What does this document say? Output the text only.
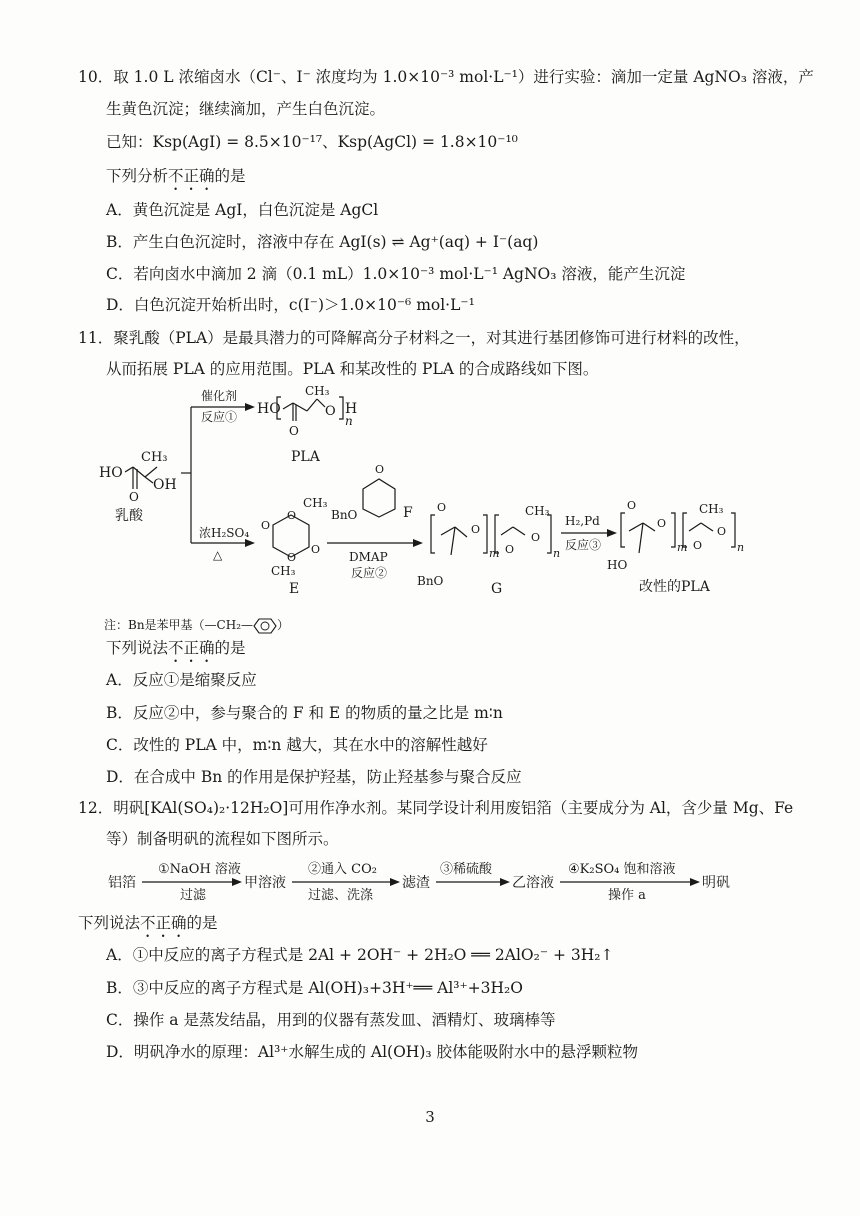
10．取 1.0 L 浓缩卤水（Cl⁻、I⁻ 浓度均为 1.0×10⁻³ mol·L⁻¹）进行实验：滴加一定量 AgNO₃ 溶液，产
生黄色沉淀；继续滴加，产生白色沉淀。
已知：Ksp(AgI) = 8.5×10⁻¹⁷、Ksp(AgCl) = 1.8×10⁻¹⁰
下列分析不正确的是
A．黄色沉淀是 AgI，白色沉淀是 AgCl
B．产生白色沉淀时，溶液中存在 AgI(s) ⇌ Ag⁺(aq) + I⁻(aq)
C．若向卤水中滴加 2 滴（0.1 mL）1.0×10⁻³ mol·L⁻¹ AgNO₃ 溶液，能产生沉淀
D．白色沉淀开始析出时，c(I⁻)＞1.0×10⁻⁶ mol·L⁻¹
11．聚乳酸（PLA）是最具潜力的可降解高分子材料之一，对其进行基团修饰可进行材料的改性，
从而拓展 PLA 的应用范围。PLA 和某改性的 PLA 的合成路线如下图。
HO
O
CH₃
OH
乳酸
催化剂
反应① HO
O
CH₃
O
n
H
PLA
浓H₂SO₄
△
O
O
O
O
CH₃
CH₃
E
DMAP
反应②
O
BnO	F O
O
m O
CH₃
O
n
BnO	G
H₂,Pd
反应③
O
O
m O
CH₃
O
n
HO
改性的PLA
注：Bn是苯甲基（—CH₂— ）
下列说法不正确的是
A．反应①是缩聚反应
B．反应②中，参与聚合的 F 和 E 的物质的量之比是 m∶n
C．改性的 PLA 中，m∶n 越大，其在水中的溶解性越好
D．在合成中 Bn 的作用是保护羟基，防止羟基参与聚合反应
12．明矾[KAl(SO₄)₂·12H₂O]可用作净水剂。某同学设计利用废铝箔（主要成分为 Al，含少量 Mg、Fe
等）制备明矾的流程如下图所示。
铝箔
①NaOH 溶液
过滤
甲溶液
②通入 CO₂
过滤、洗涤
滤渣
③稀硫酸
乙溶液
④K₂SO₄ 饱和溶液
操作 a
明矾
下列说法不正确的是
A．①中反应的离子方程式是 2Al + 2OH⁻ + 2H₂O ══ 2AlO₂⁻ + 3H₂↑
B．③中反应的离子方程式是 Al(OH)₃+3H⁺══ Al³⁺+3H₂O
C．操作 a 是蒸发结晶，用到的仪器有蒸发皿、酒精灯、玻璃棒等
D．明矾净水的原理：Al³⁺水解生成的 Al(OH)₃ 胶体能吸附水中的悬浮颗粒物
3
